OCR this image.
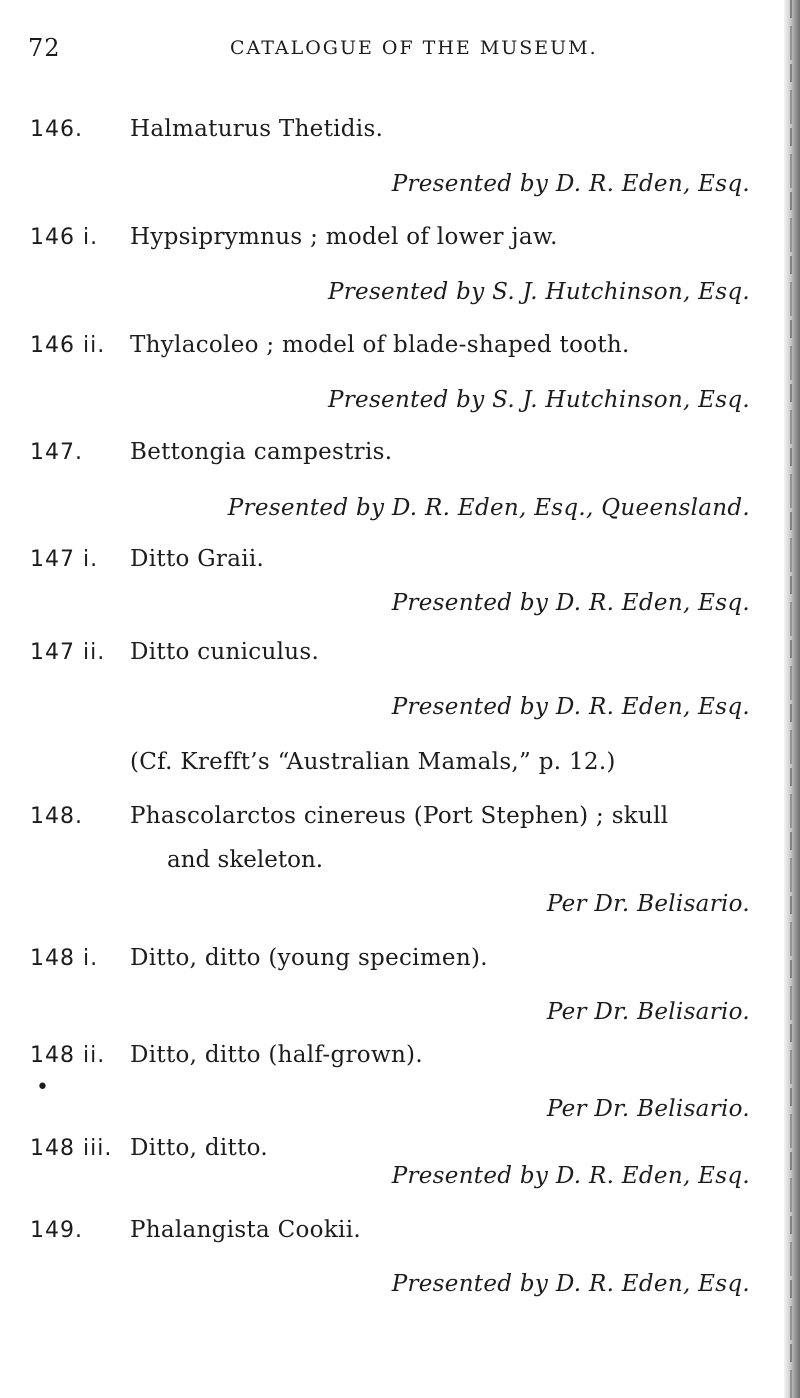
72	CATALOGUE OF THE MUSEUM.
146. Halmaturus Thetidis.
Presented by D. R. Eden, Esq.
146 i. Hypsiprymnus ; model of lower jaw.
Presented by S. J. Hutchinson, Esq.
146 ii. Thylacoleo ; model of blade-shaped tooth.
Presented by S. J. Hutchinson, Esq.
147. Bettongia campestris.
Presented by D. R. Eden, Esq., Queensland.
147 i. Ditto Graii.
Presented by D. R. Eden, Esq.
147 ii. Ditto cuniculus.
Presented by D. R. Eden, Esq.
(Cf. Krefft’s “Australian Mamals,” p. 12.)
148. Phascolarctos cinereus (Port Stephen) ; skull
and skeleton.
Per Dr. Belisario.
148 i. Ditto, ditto (young specimen).
•
Per Dr. Belisario.
148 ii. Ditto, ditto (half-grown).
Per Dr. Belisario.
148 iii. Ditto, ditto.
Presented by D. R. Eden, Esq.
149. Phalangista Cookii.
Presented by D. R. Eden, Esq.
